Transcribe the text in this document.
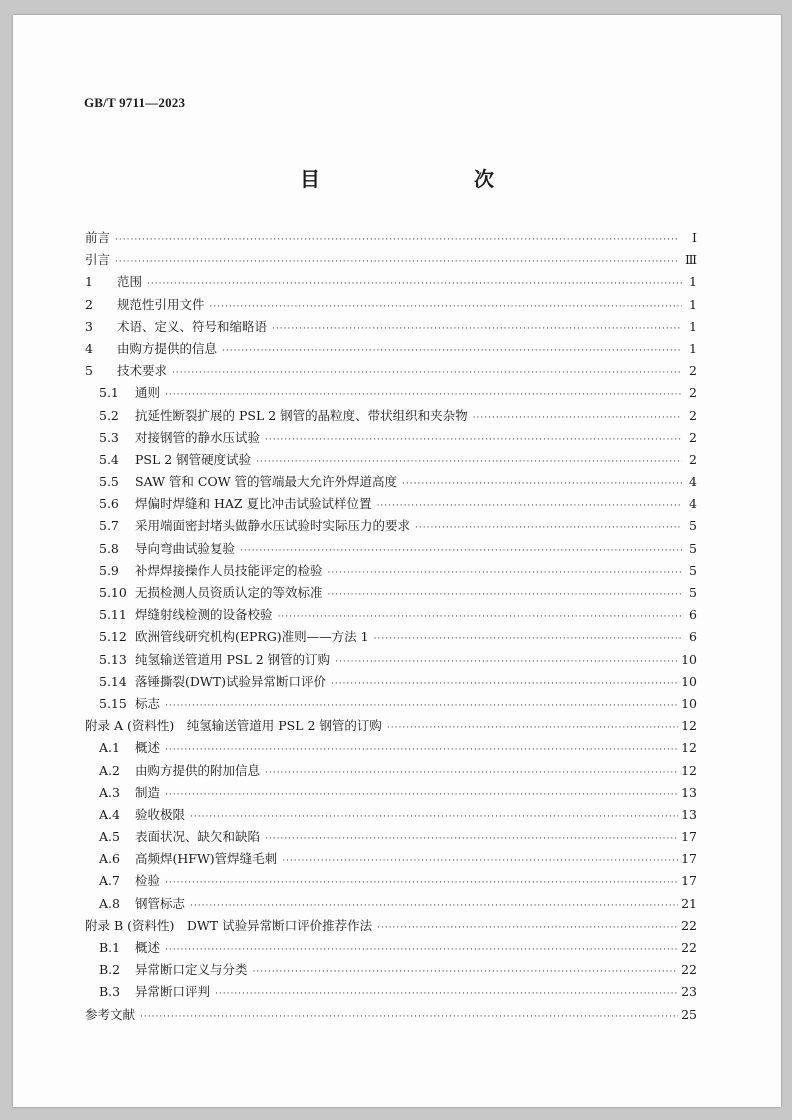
GB/T 9711—2023
目　　次
前言 ·····	Ⅰ
引言 ·····	Ⅲ
1	范围 ·····	1
2	规范性引用文件 ·····	1
3	术语、定义、符号和缩略语 ·····	1
4	由购方提供的信息 ·····	1
5	技术要求 ·····	2
5.1	通则 ·····	2
5.2	抗延性断裂扩展的 PSL 2 钢管的晶粒度、带状组织和夹杂物 ·····	2
5.3	对接钢管的静水压试验 ·····	2
5.4	PSL 2 钢管硬度试验 ·····	2
5.5	SAW 管和 COW 管的管端最大允许外焊道高度 ·····	4
5.6	焊偏时焊缝和 HAZ 夏比冲击试验试样位置 ·····	4
5.7	采用端面密封堵头做静水压试验时实际压力的要求 ·····	5
5.8	导向弯曲试验复验 ·····	5
5.9	补焊焊接操作人员技能评定的检验 ·····	5
5.10 无损检测人员资质认定的等效标准 ·····	5
5.11 焊缝射线检测的设备校验 ·····	6
5.12 欧洲管线研究机构(EPRG)准则——方法 1 ·····	6
5.13 纯氢输送管道用 PSL 2 钢管的订购 ·····	10
5.14 落锤撕裂(DWT)试验异常断口评价 ·····	10
5.15 标志 ·····	10
附录 A (资料性)　纯氢输送管道用 PSL 2 钢管的订购 ·····	12
A.1	概述 ·····	12
A.2	由购方提供的附加信息 ·····	12
A.3	制造 ·····	13
A.4	验收极限 ·····	13
A.5	表面状况、缺欠和缺陷 ·····	17
A.6	高频焊(HFW)管焊缝毛刺 ·····	17
A.7	检验 ·····	17
A.8	钢管标志 ·····	21
附录 B (资料性)　DWT 试验异常断口评价推荐作法 ·····	22
B.1	概述 ·····	22
B.2	异常断口定义与分类 ·····	22
B.3	异常断口评判 ·····	23
参考文献 ·····	25
